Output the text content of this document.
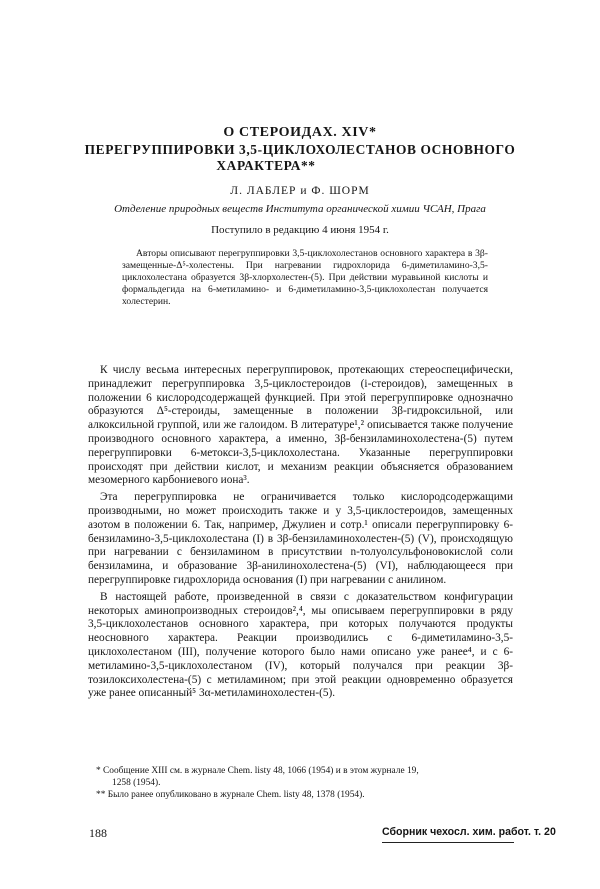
О СТЕРОИДАХ. XIV*
ПЕРЕГРУППИРОВКИ 3,5-ЦИКЛОХОЛЕСТАНОВ ОСНОВНОГО
ХАРАКТЕРА**
Л. ЛАБЛЕР и Ф. ШОРМ
Отделение природных веществ Института органической химии ЧСАН, Прага
Поступило в редакцию 4 июня 1954 г.

Авторы описывают перегруппировки 3,5-циклохолестанов основного характера в 3β-замещенные-Δ⁵-холестены. При нагревании гидрохлорида 6-диметиламино-3,5-циклохолестана образуется 3β-хлорхолестен-(5). При действии муравьиной кислоты и формальдегида на 6-метиламино- и 6-диметиламино-3,5-циклохолестан получается холестерин.

К числу весьма интересных перегруппировок, протекающих стереоспецифически, принадлежит перегруппировка 3,5-циклостероидов (i-стероидов), замещенных в положении 6 кислородсодержащей функцией. При этой перегруппировке однозначно образуются Δ⁵-стероиды, замещенные в положении 3β-гидроксильной, или алкоксильной группой, или же галоидом. В литературе¹,² описывается также получение производного основного характера, а именно, 3β-бензиламинохолестена-(5) путем перегруппировки 6-метокси-3,5-циклохолестана. Указанные перегруппировки происходят при действии кислот, и механизм реакции объясняется образованием мезомерного карбониевого иона³.

Эта перегруппировка не ограничивается только кислородсодержащими производными, но может происходить также и у 3,5-циклостероидов, замещенных азотом в положении 6. Так, например, Джулиен и сотр.¹ описали перегруппировку 6-бензиламино-3,5-циклохолестана (I) в 3β-бензиламинохолестен-(5) (V), происходящую при нагревании с бензиламином в присутствии n-толуолсульфоновокислой соли бензиламина, и образование 3β-анилинохолестена-(5) (VI), наблюдающееся при перегруппировке гидрохлорида основания (I) при нагревании с анилином.

В настоящей работе, произведенной в связи с доказательством конфигурации некоторых аминопроизводных стероидов²,⁴, мы описываем перегруппировки в ряду 3,5-циклохолестанов основного характера, при которых получаются продукты неосновного характера. Реакции производились с 6-диметиламино-3,5-циклохолестаном (III), получение которого было нами описано уже ранее⁴, и с 6-метиламино-3,5-циклохолестаном (IV), который получался при реакции 3β-тозилоксихолестена-(5) с метиламином; при этой реакции одновременно образуется уже ранее описанный⁵ 3α-метиламинохолестен-(5).

* Сообщение XIII см. в журнале Chem. listy 48, 1066 (1954) и в этом журнале 19,

1258 (1954).

** Было ранее опубликовано в журнале Chem. listy 48, 1378 (1954).

188	Сборник чехосл. хим. работ. т. 20
